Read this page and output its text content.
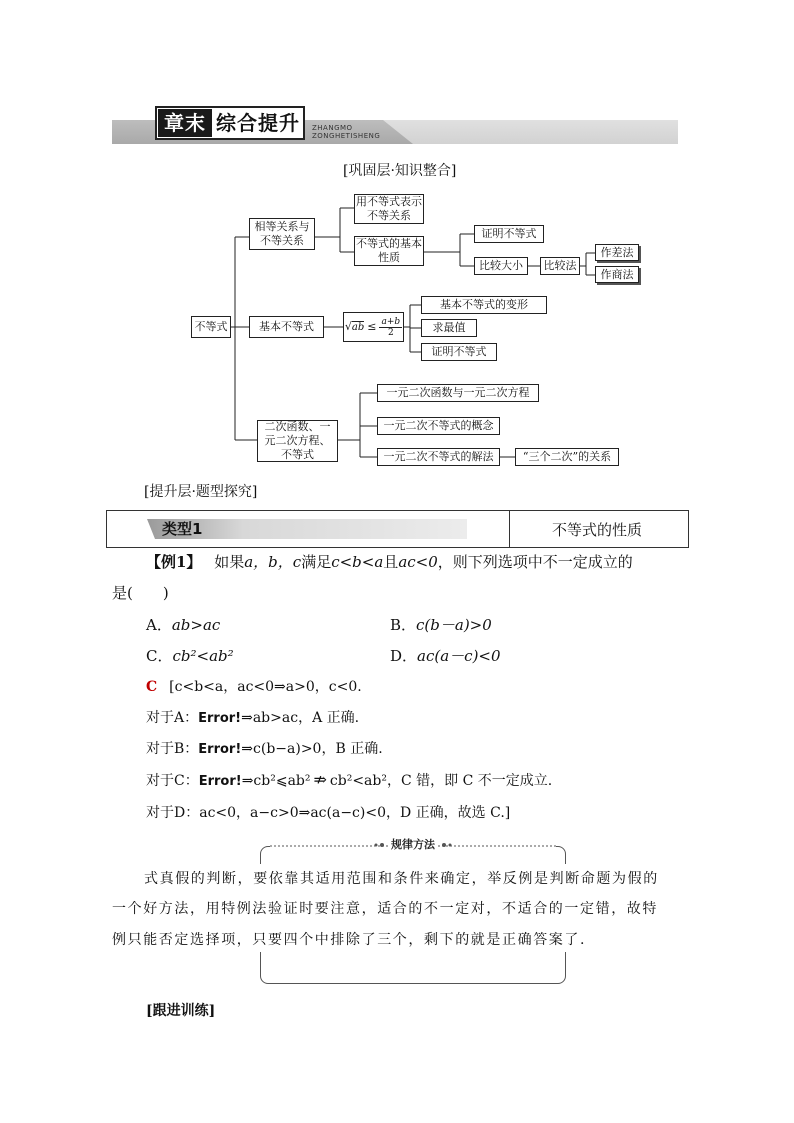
章末 综合提升 ZHANGMO
ZONGHETISHENG
[巩固层·知识整合]
不等式
相等关系与不等关系
用不等式表示不等关系
不等式的基本性质
证明不等式
比较大小	比较法
作差法
作商法
基本不等式	√ ab ≤ $\frac{a+b}{2}$
基本不等式的变形
求最值
证明不等式
二次函数、一元二次方程、不等式
一元二次函数与一元二次方程
一元二次不等式的概念
一元二次不等式的解法	“三个二次”的关系
[提升层·题型探究]
类型1	不等式的性质
【例1】 如果a，b，c满足c<b<a且ac<0，则下列选项中不一定成立的
是(　　)
A．ab>ac	B．c(b－a)>0
C．cb²<ab²	D．ac(a－c)<0
C [c<b<a，ac<0⇒a>0，c<0.
对于A：Error!⇒ab>ac，A 正确.
对于B：Error!⇒c(b−a)>0，B 正确.
对于C：Error!⇒cb²⩽ab² ⇏ cb²<ab²，C 错，即 C 不一定成立.
对于D：ac<0，a−c>0⇒ac(a−c)<0，D 正确，故选 C.]
规律方法
式真假的判断，要依靠其适用范围和条件来确定，举反例是判断命题为假的
一个好方法，用特例法验证时要注意，适合的不一定对，不适合的一定错，故特
例只能否定选择项，只要四个中排除了三个，剩下的就是正确答案了.
[跟进训练]
